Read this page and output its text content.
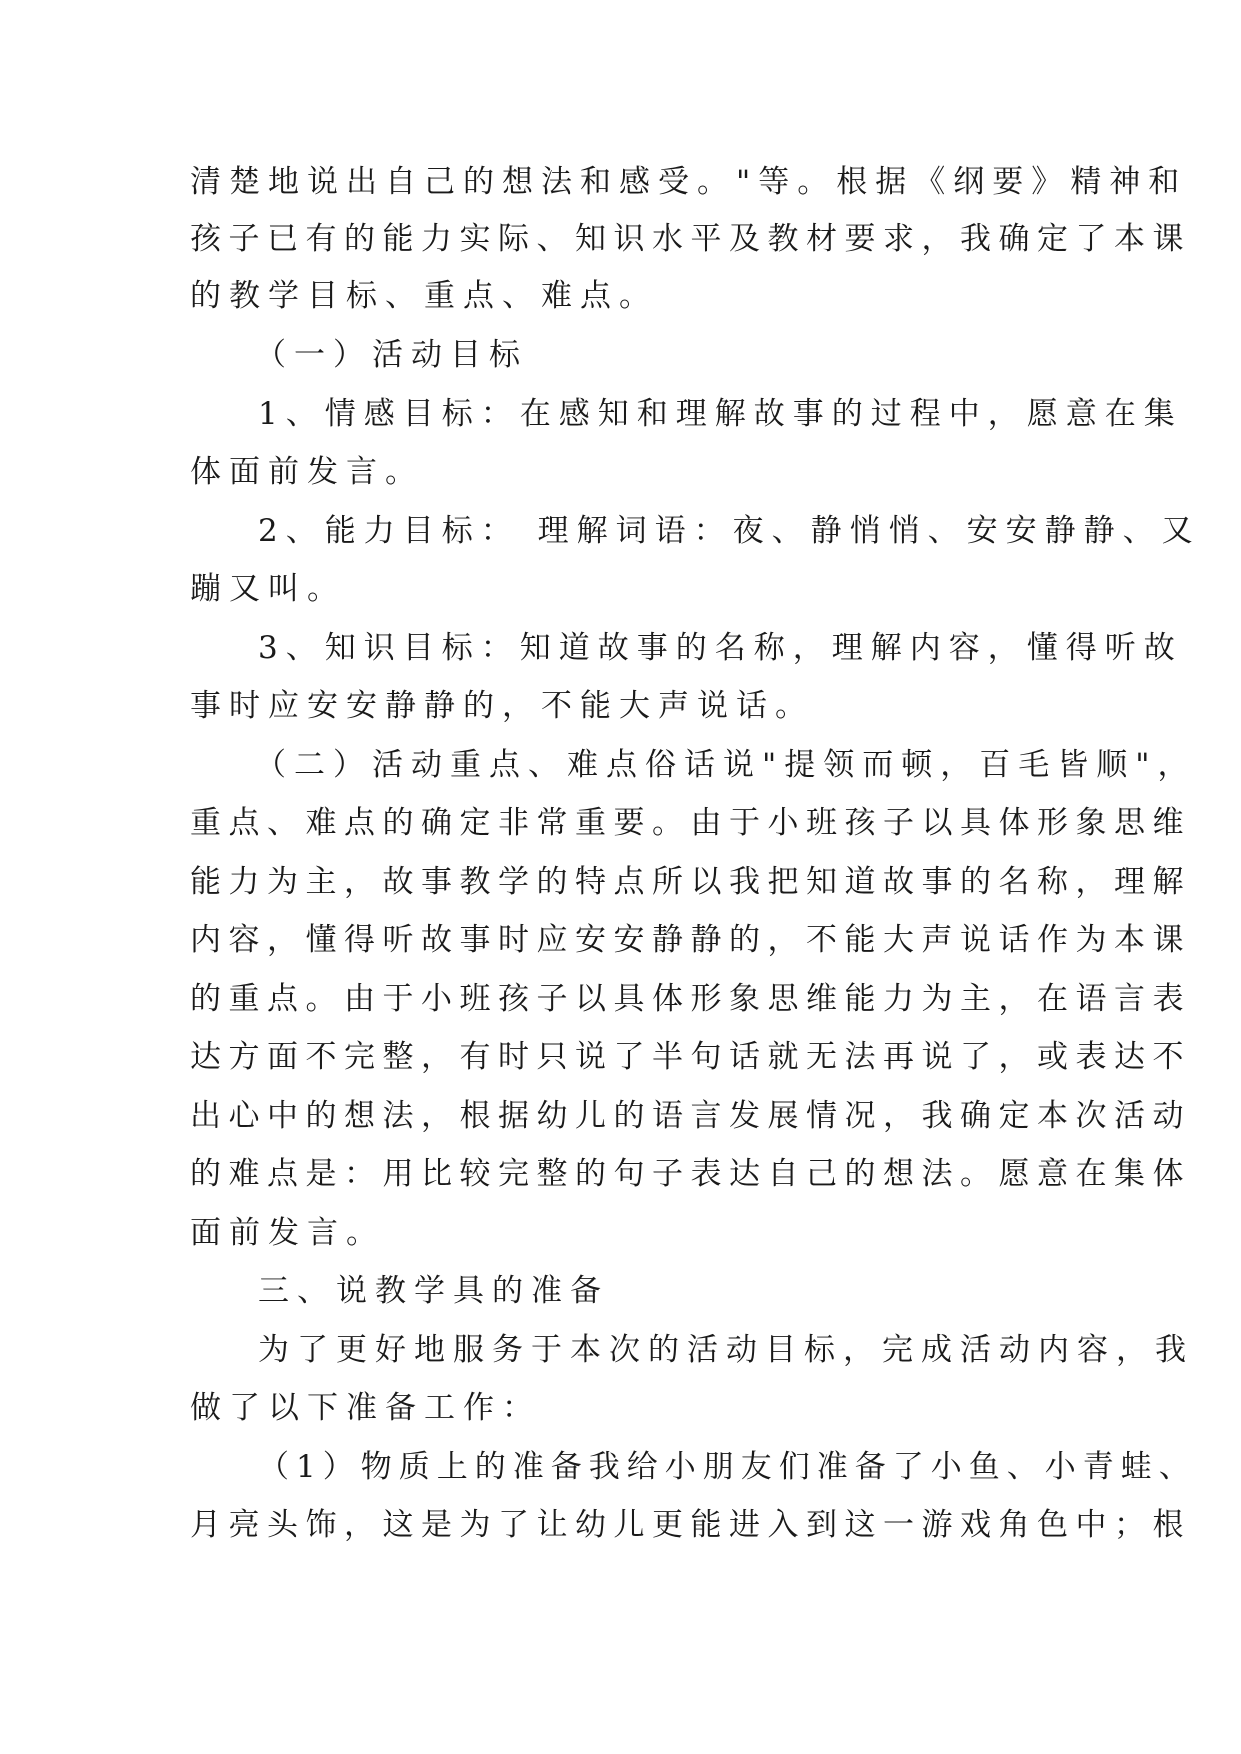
清楚地说出自己的想法和感受。"等。根据《纲要》精神和

孩子已有的能力实际、知识水平及教材要求，我确定了本课

的教学目标、重点、难点。

（一）活动目标

1、情感目标：在感知和理解故事的过程中，愿意在集

体面前发言。

2、能力目标： 理解词语：夜、静悄悄、安安静静、又

蹦又叫。

3、知识目标：知道故事的名称，理解内容，懂得听故

事时应安安静静的，不能大声说话。

（二）活动重点、难点俗话说"提领而顿，百毛皆顺"，

重点、难点的确定非常重要。由于小班孩子以具体形象思维

能力为主，故事教学的特点所以我把知道故事的名称，理解

内容，懂得听故事时应安安静静的，不能大声说话作为本课

的重点。由于小班孩子以具体形象思维能力为主，在语言表

达方面不完整，有时只说了半句话就无法再说了，或表达不

出心中的想法，根据幼儿的语言发展情况，我确定本次活动

的难点是：用比较完整的句子表达自己的想法。愿意在集体

面前发言。

三、说教学具的准备

为了更好地服务于本次的活动目标，完成活动内容，我

做了以下准备工作：

（1）物质上的准备我给小朋友们准备了小鱼、小青蛙、

月亮头饰，这是为了让幼儿更能进入到这一游戏角色中；根
